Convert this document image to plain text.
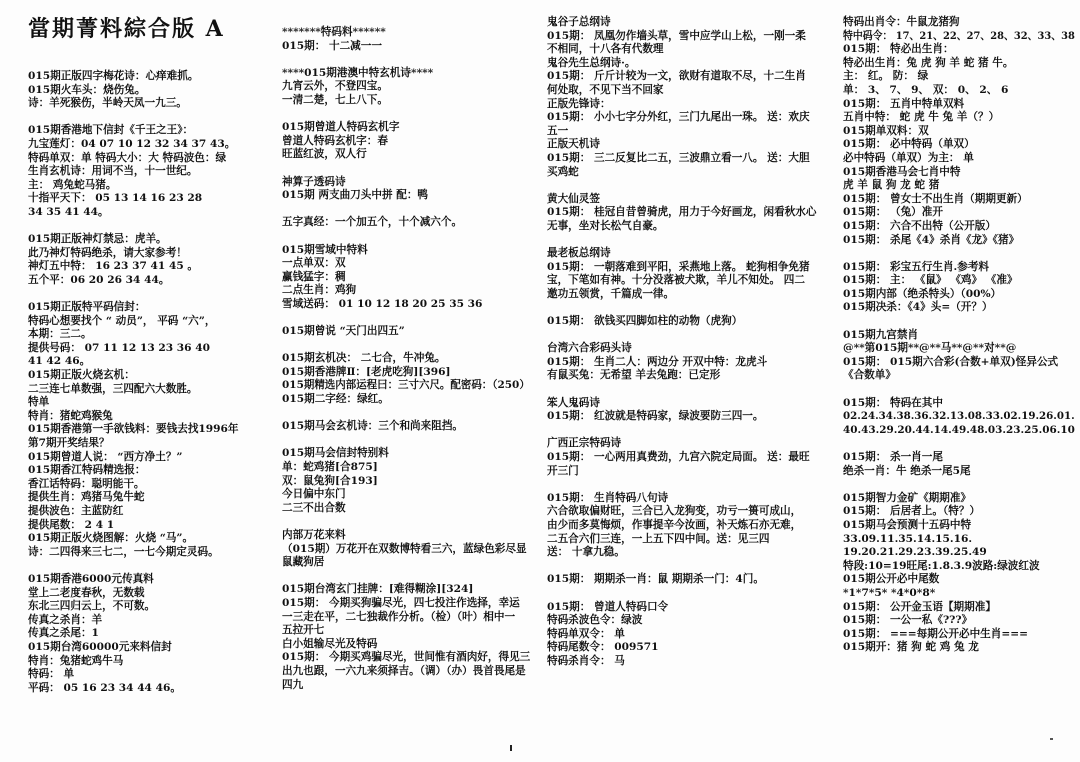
當期菁料綜合版 A
015期正版四字梅花诗：心痒难抓。
015期火车头：烧伤兔。
诗：羊死猴伤，半岭天凤一九三。
015期香港地下信封《千王之王》：
九宝莲灯：04 07 10 12 32 34 37 43。
特码单双：单 特码大小：大 特码波色：绿
生肖玄机诗：用词不当，十一世纪。
主： 鸡兔蛇马猪。
十指平天下： 05 13 14 16 23 28
34 35 41 44。
015期正版神灯禁忌：虎羊。
此乃神灯特码绝杀，请大家参考！
神灯五中特： 16 23 37 41 45 。
五个平：06 20 26 34 44。
015期正版特平码信封：
特码心想要找个 “ 动员”， 平码 “六”，
本期：三二。
提供号码： 07 11 12 13 23 36 40
41 42 46。
015期正版火烧玄机：
二三连七单数强，三四配六大数胜。
特单
特肖：猪蛇鸡猴兔
015期香港第一手欲钱料：要钱去找1996年
第7期开奖结果？
015期曾道人说： “西方净土？”
015期香江特码精选报：
香江话特码：聪明能干。
提供生肖：鸡猪马兔牛蛇
提供波色：主蓝防红
提供尾数： 2 4 1
015期正版火烧图解：火烧 “马”。
诗：二四得来三七二，一七今期定灵码。
015期香港6000元传真料
堂上二老度春秋，无数载
东北三四归云上，不可数。
传真之杀肖：羊
传真之杀尾：1
015期台湾60000元来料信封
特肖：兔猪蛇鸡牛马
特码： 单
平码： 05 16 23 34 44 46。
*******特码料******
015期： 十二减一一
****015期港澳中特玄机诗****
九宵云外，不登四宝。
一清二楚，七上八下。
015期曾道人特码玄机字
曾道人特码玄机字：春
旺蓝红波，双人行
神算子透码诗
015期 两支曲刀头中拼 配：鸭
五字真经：一个加五个，十个减六个。
015期雪域中特料
一点单双：双
赢钱猛字：稠
二点生肖：鸡狗
雪域送码： 01 10 12 18 20 25 35 36
015期曾说 “天门出四五”
015期玄机决： 二七合，牛冲兔。
015期香港牌Ⅱ：[老虎吃狗][396]
015期精选内部运程曰：三寸六尺。配密码：（250）
015期二字经：绿红。
015期马会玄机诗：三个和尚来阻挡。
015期马会信封特别料
单：蛇鸡猪[合875]
双：鼠兔狗[合193]
今日偏中东门
二三不出合数
内部万花来料
（015期）万花开在双数博特看三六，蓝绿色彩尽显
鼠藏狗居
015期台湾玄门挂牌：[难得糊涂][324]
015期： 今期买狗骗尽光，四七投注作选择，幸运
一三走在平，二七独裁作分析。（检）（叶）相中一
五拉开七
白小姐输尽光及特码
015期： 今期买鸡骗尽光，世间惟有酒肉好，得见三
出九也跟，一六九来须择吉。（调）（办）畏首畏尾是
四九
鬼谷子总纲诗
015期： 凤凰勿作墙头草，雪中应学山上松，一刚一柔
不相同，十八各有代数理
鬼谷先生总纲诗·。
015期： 斤斤计较为一文，欲财有道取不尽，十二生肖
何处取，不见下当不回家
正版先锋诗：
015期： 小小七字分外红，三门九尾出一珠。 送：欢庆
五一
正版天机诗
015期： 三二反复比二五，三波鼎立看一八。 送：大胆
买鸡蛇
黄大仙灵签
015期： 桂冠自昔曾骑虎，用力于今好画龙，闲看秋水心
无事，坐对长松气自豪。
最老板总纲诗
015期： 一朝落难到平阳，采燕地上落。 蛇狗相争免猪
宝，下笔如有神。十分没落被犬欺，羊儿不知处。 四二
邀功五领赏，千篇成一律。
015期： 欲钱买四脚如柱的动物（虎狗）
台湾六合彩码头诗
015期： 生肖二人：两边分 开双中特：龙虎斗
有鼠买兔：无希望 羊去兔跑：已定形
笨人鬼码诗
015期： 红波就是特码家，绿波要防三四一。
广西正宗特码诗
015期： 一心两用真费劲，九宫六院定局面。 送：最旺
开三门
015期： 生肖特码八句诗
六合欲取偏财旺，三合已入龙狗变，功亏一篑可成山，
由少而多莫悔烦，作事提辛今汝画，补天炼石亦无难，
二五合六们三连，一上五下四中间。送：见三四
送： 十拿九稳。
015期： 期期杀一肖：鼠 期期杀一门：4门。
015期： 曾道人特码口令
特码杀波色令：绿波
特码单双令： 单
特码尾数令： 009571
特码杀肖令： 马
特码出肖令：牛鼠龙猪狗
特中码令： 17、21、22、27、28、32、33、38
015期： 特必出生肖：
特必出生肖：兔 虎 狗 羊 蛇 猪 牛。
主： 红。 防： 绿
单： 3、 7、 9、 双： 0、 2、 6
015期： 五肖中特单双料
五肖中特： 蛇 虎 牛 兔 羊（？）
015期单双料：双
015期： 必中特码（单双）
必中特码（单双）为主： 单
015期香港马会七肖中特
虎 羊 鼠 狗 龙 蛇 猪
015期： 曾女士不出生肖（期期更新）
015期： （兔）准开
015期： 六合不出特（公开版）
015期： 杀尾《4》杀肖《龙》《猪》
015期： 彩宝五行生肖.参考料
015期： 主： 《鼠》 《鸡》 《准》
015期内部（绝杀特头）（00%）
015期决杀：《4》头=（开？）
015期九宫禁肖
@**第015期**@**马**@**对**@
015期： 015期六合彩(合数+单双)怪异公式
《合数单》
015期： 特码在其中
02.24.34.38.36.32.13.08.33.02.19.26.01.
40.43.29.20.44.14.49.48.03.23.25.06.10
015期： 杀一肖一尾
绝杀一肖：牛 绝杀一尾5尾
015期智力金矿《期期准》
015期： 后居者上。（特？）
015期马会预测十五码中特
33.09.11.35.14.15.16.
19.20.21.29.23.39.25.49
特段:10=19旺尾:1.8.3.9波路:绿波红波
015期公开必中尾数
*1*7*5* *4*0*8*
015期： 公开金玉语【期期准】
015期： 一公一私《???》
015期： ===每期公开必中生肖===
015期开：猪 狗 蛇 鸡 兔 龙
